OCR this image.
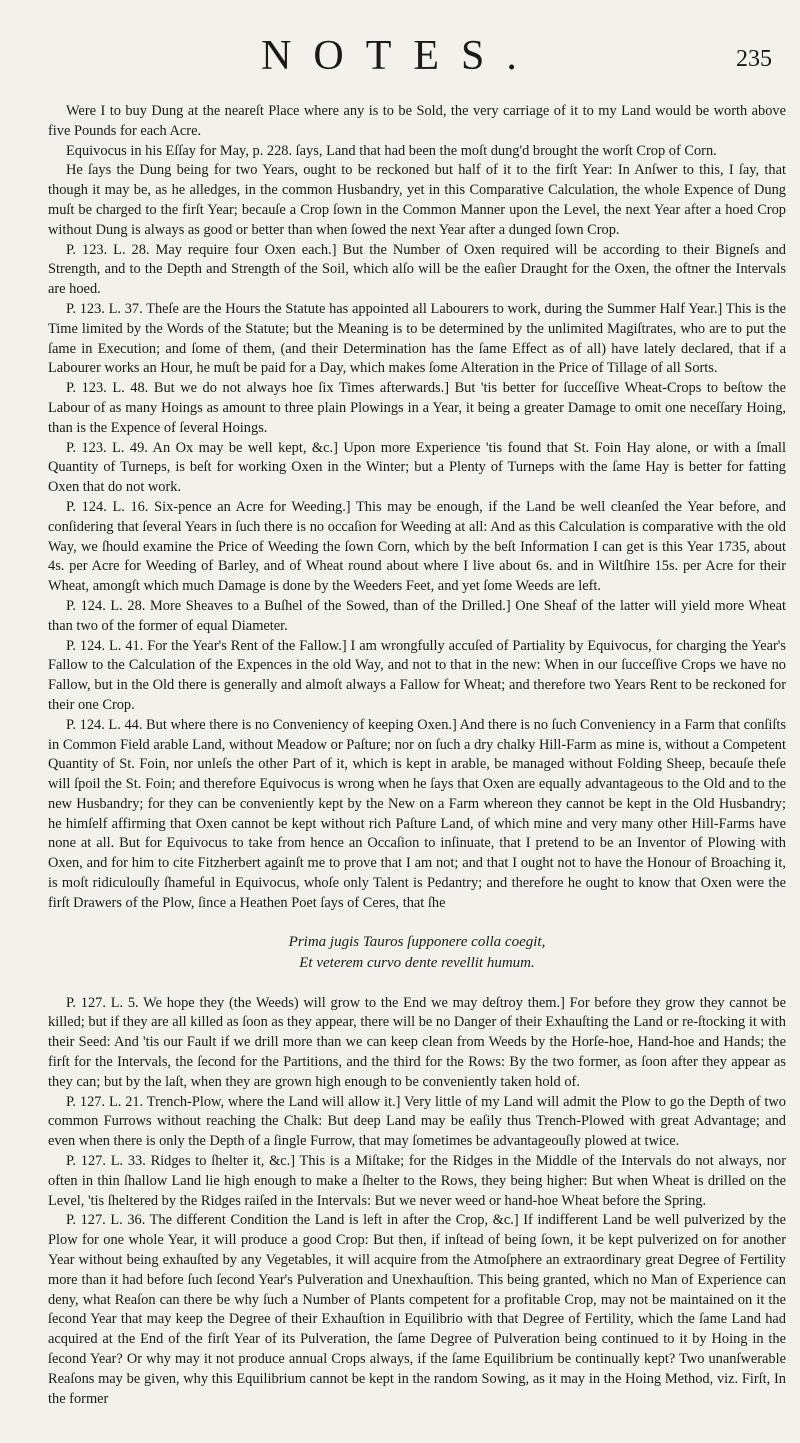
NOTES.	235

Were I to buy Dung at the neareſt Place where any is to be Sold, the very carriage of it to my Land would be worth above five Pounds for each Acre.

Equivocus in his Eſſay for May, p. 228. ſays, Land that had been the moſt dung'd brought the worſt Crop of Corn.

He ſays the Dung being for two Years, ought to be reckoned but half of it to the firſt Year: In Anſwer to this, I ſay, that though it may be, as he alledges, in the common Husbandry, yet in this Comparative Calculation, the whole Expence of Dung muſt be charged to the firſt Year; becauſe a Crop ſown in the Common Manner upon the Level, the next Year after a hoed Crop without Dung is always as good or better than when ſowed the next Year after a dunged ſown Crop.

P. 123. L. 28. May require four Oxen each.] But the Number of Oxen required will be according to their Bigneſs and Strength, and to the Depth and Strength of the Soil, which alſo will be the eaſier Draught for the Oxen, the oftner the Intervals are hoed.

P. 123. L. 37. Theſe are the Hours the Statute has appointed all Labourers to work, during the Summer Half Year.] This is the Time limited by the Words of the Statute; but the Meaning is to be determined by the unlimited Magiſtrates, who are to put the ſame in Execution; and ſome of them, (and their Determination has the ſame Effect as of all) have lately declared, that if a Labourer works an Hour, he muſt be paid for a Day, which makes ſome Alteration in the Price of Tillage of all Sorts.

P. 123. L. 48. But we do not always hoe ſix Times afterwards.] But 'tis better for ſucceſſive Wheat-Crops to beſtow the Labour of as many Hoings as amount to three plain Plowings in a Year, it being a greater Damage to omit one neceſſary Hoing, than is the Expence of ſeveral Hoings.

P. 123. L. 49. An Ox may be well kept, &c.] Upon more Experience 'tis found that St. Foin Hay alone, or with a ſmall Quantity of Turneps, is beſt for working Oxen in the Winter; but a Plenty of Turneps with the ſame Hay is better for fatting Oxen that do not work.

P. 124. L. 16. Six-pence an Acre for Weeding.] This may be enough, if the Land be well cleanſed the Year before, and conſidering that ſeveral Years in ſuch there is no occaſion for Weeding at all: And as this Calculation is comparative with the old Way, we ſhould examine the Price of Weeding the ſown Corn, which by the beſt Information I can get is this Year 1735, about 4s. per Acre for Weeding of Barley, and of Wheat round about where I live about 6s. and in Wiltſhire 15s. per Acre for their Wheat, amongſt which much Damage is done by the Weeders Feet, and yet ſome Weeds are left.

P. 124. L. 28. More Sheaves to a Buſhel of the Sowed, than of the Drilled.] One Sheaf of the latter will yield more Wheat than two of the former of equal Diameter.

P. 124. L. 41. For the Year's Rent of the Fallow.] I am wrongfully accuſed of Partiality by Equivocus, for charging the Year's Fallow to the Calculation of the Expences in the old Way, and not to that in the new: When in our ſucceſſive Crops we have no Fallow, but in the Old there is generally and almoſt always a Fallow for Wheat; and therefore two Years Rent to be reckoned for their one Crop.

P. 124. L. 44. But where there is no Conveniency of keeping Oxen.] And there is no ſuch Conveniency in a Farm that conſiſts in Common Field arable Land, without Meadow or Paſture; nor on ſuch a dry chalky Hill-Farm as mine is, without a Competent Quantity of St. Foin, nor unleſs the other Part of it, which is kept in arable, be managed without Folding Sheep, becauſe theſe will ſpoil the St. Foin; and therefore Equivocus is wrong when he ſays that Oxen are equally advantageous to the Old and to the new Husbandry; for they can be conveniently kept by the New on a Farm whereon they cannot be kept in the Old Husbandry; he himſelf affirming that Oxen cannot be kept without rich Paſture Land, of which mine and very many other Hill-Farms have none at all. But for Equivocus to take from hence an Occaſion to inſinuate, that I pretend to be an Inventor of Plowing with Oxen, and for him to cite Fitzherbert againſt me to prove that I am not; and that I ought not to have the Honour of Broaching it, is moſt ridiculouſly ſhameful in Equivocus, whoſe only Talent is Pedantry; and therefore he ought to know that Oxen were the firſt Drawers of the Plow, ſince a Heathen Poet ſays of Ceres, that ſhe

Prima jugis Tauros ſupponere colla coegit,
Et veterem curvo dente revellit humum.

P. 127. L. 5. We hope they (the Weeds) will grow to the End we may deſtroy them.] For before they grow they cannot be killed; but if they are all killed as ſoon as they appear, there will be no Danger of their Exhauſting the Land or re-ſtocking it with their Seed: And 'tis our Fault if we drill more than we can keep clean from Weeds by the Horſe-hoe, Hand-hoe and Hands; the firſt for the Intervals, the ſecond for the Partitions, and the third for the Rows: By the two former, as ſoon after they appear as they can; but by the laſt, when they are grown high enough to be conveniently taken hold of.

P. 127. L. 21. Trench-Plow, where the Land will allow it.] Very little of my Land will admit the Plow to go the Depth of two common Furrows without reaching the Chalk: But deep Land may be eaſily thus Trench-Plowed with great Advantage; and even when there is only the Depth of a ſingle Furrow, that may ſometimes be advantageouſly plowed at twice.

P. 127. L. 33. Ridges to ſhelter it, &c.] This is a Miſtake; for the Ridges in the Middle of the Intervals do not always, nor often in thin ſhallow Land lie high enough to make a ſhelter to the Rows, they being higher: But when Wheat is drilled on the Level, 'tis ſheltered by the Ridges raiſed in the Intervals: But we never weed or hand-hoe Wheat before the Spring.

P. 127. L. 36. The different Condition the Land is left in after the Crop, &c.] If indifferent Land be well pulverized by the Plow for one whole Year, it will produce a good Crop: But then, if inſtead of being ſown, it be kept pulverized on for another Year without being exhauſted by any Vegetables, it will acquire from the Atmoſphere an extraordinary great Degree of Fertility more than it had before ſuch ſecond Year's Pulveration and Unexhauſtion. This being granted, which no Man of Experience can deny, what Reaſon can there be why ſuch a Number of Plants competent for a profitable Crop, may not be maintained on it the ſecond Year that may keep the Degree of their Exhauſtion in Equilibrio with that Degree of Fertility, which the ſame Land had acquired at the End of the firſt Year of its Pulveration, the ſame Degree of Pulveration being continued to it by Hoing in the ſecond Year? Or why may it not produce annual Crops always, if the ſame Equilibrium be continually kept? Two unanſwerable Reaſons may be given, why this Equilibrium cannot be kept in the random Sowing, as it may in the Hoing Method, viz. Firſt, In the former
